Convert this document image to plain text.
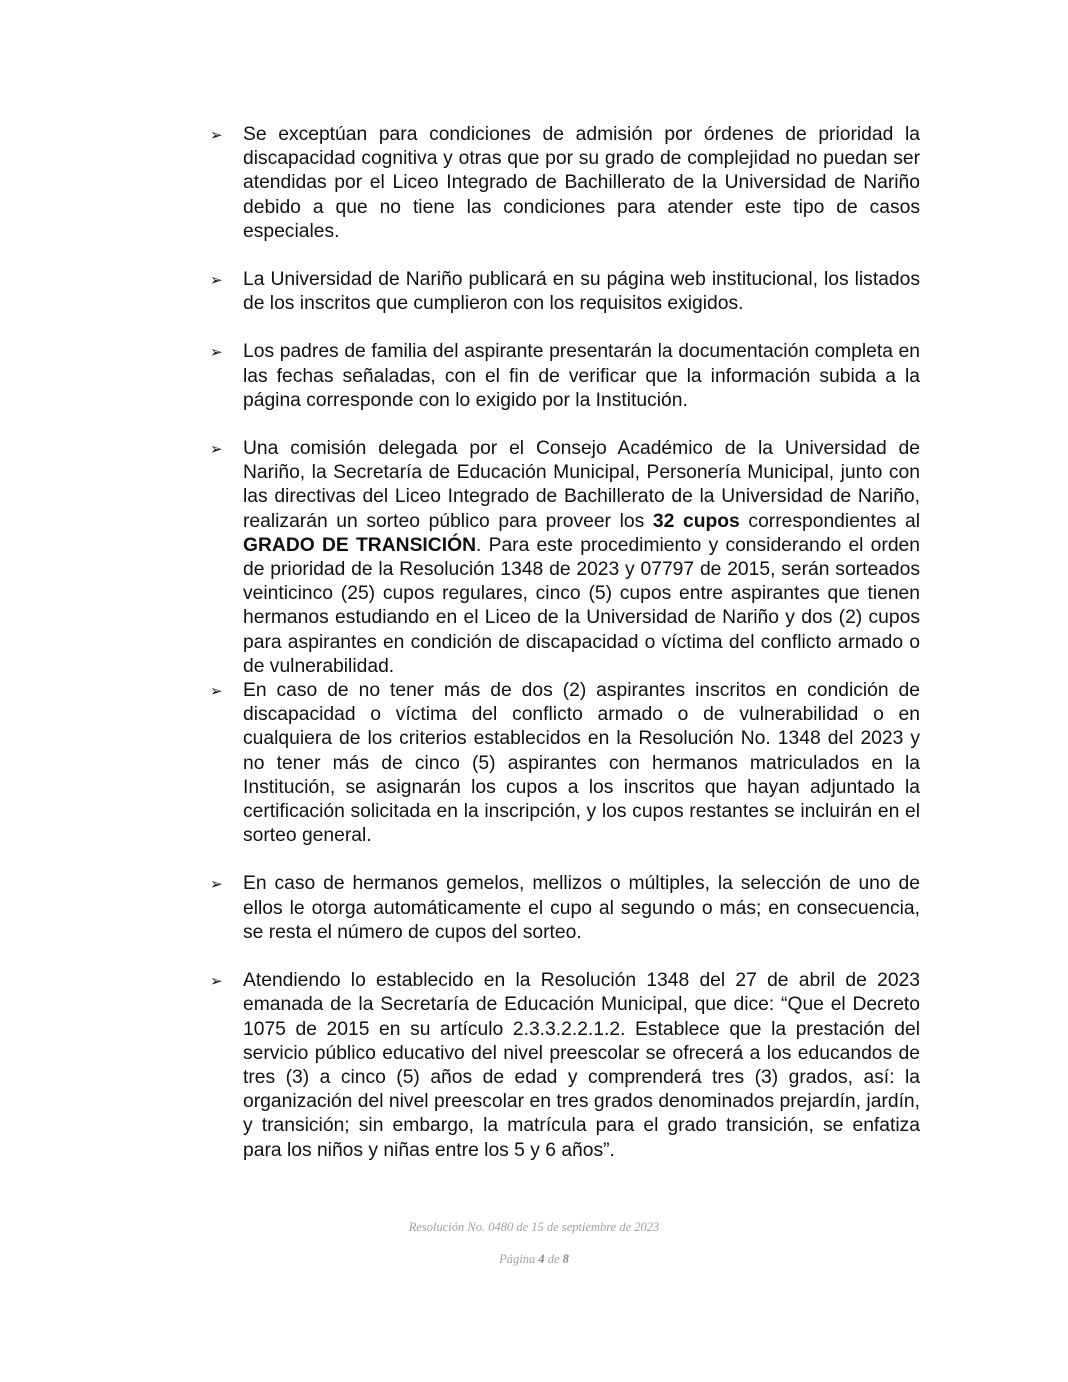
➢	Se exceptúan para condiciones de admisión por órdenes de prioridad la discapacidad cognitiva y otras que por su grado de complejidad no puedan ser atendidas por el Liceo Integrado de Bachillerato de la Universidad de Nariño debido a que no tiene las condiciones para atender este tipo de casos especiales.
➢	La Universidad de Nariño publicará en su página web institucional, los listados de los inscritos que cumplieron con los requisitos exigidos.
➢	Los padres de familia del aspirante presentarán la documentación completa en las fechas señaladas, con el fin de verificar que la información subida a la página corresponde con lo exigido por la Institución.
➢	Una comisión delegada por el Consejo Académico de la Universidad de Nariño, la Secretaría de Educación Municipal, Personería Municipal, junto con las directivas del Liceo Integrado de Bachillerato de la Universidad de Nariño, realizarán un sorteo público para proveer los 32 cupos correspondientes al GRADO DE TRANSICIÓN. Para este procedimiento y considerando el orden de prioridad de la Resolución 1348 de 2023 y 07797 de 2015, serán sorteados veinticinco (25) cupos regulares, cinco (5) cupos entre aspirantes que tienen hermanos estudiando en el Liceo de la Universidad de Nariño y dos (2) cupos para aspirantes en condición de discapacidad o víctima del conflicto armado o de vulnerabilidad.
➢	En caso de no tener más de dos (2) aspirantes inscritos en condición de discapacidad o víctima del conflicto armado o de vulnerabilidad o en cualquiera de los criterios establecidos en la Resolución No. 1348 del 2023 y no tener más de cinco (5) aspirantes con hermanos matriculados en la Institución, se asignarán los cupos a los inscritos que hayan adjuntado la certificación solicitada en la inscripción, y los cupos restantes se incluirán en el sorteo general.
➢	En caso de hermanos gemelos, mellizos o múltiples, la selección de uno de ellos le otorga automáticamente el cupo al segundo o más; en consecuencia, se resta el número de cupos del sorteo.
➢	Atendiendo lo establecido en la Resolución 1348 del 27 de abril de 2023 emanada de la Secretaría de Educación Municipal, que dice: “Que el Decreto 1075 de 2015 en su artículo 2.3.3.2.2.1.2. Establece que la prestación del servicio público educativo del nivel preescolar se ofrecerá a los educandos de tres (3) a cinco (5) años de edad y comprenderá tres (3) grados, así: la organización del nivel preescolar en tres grados denominados prejardín, jardín, y transición; sin embargo, la matrícula para el grado transición, se enfatiza para los niños y niñas entre los 5 y 6 años”.
Resolución No. 0480 de 15 de septiembre de 2023
Página 4 de 8
